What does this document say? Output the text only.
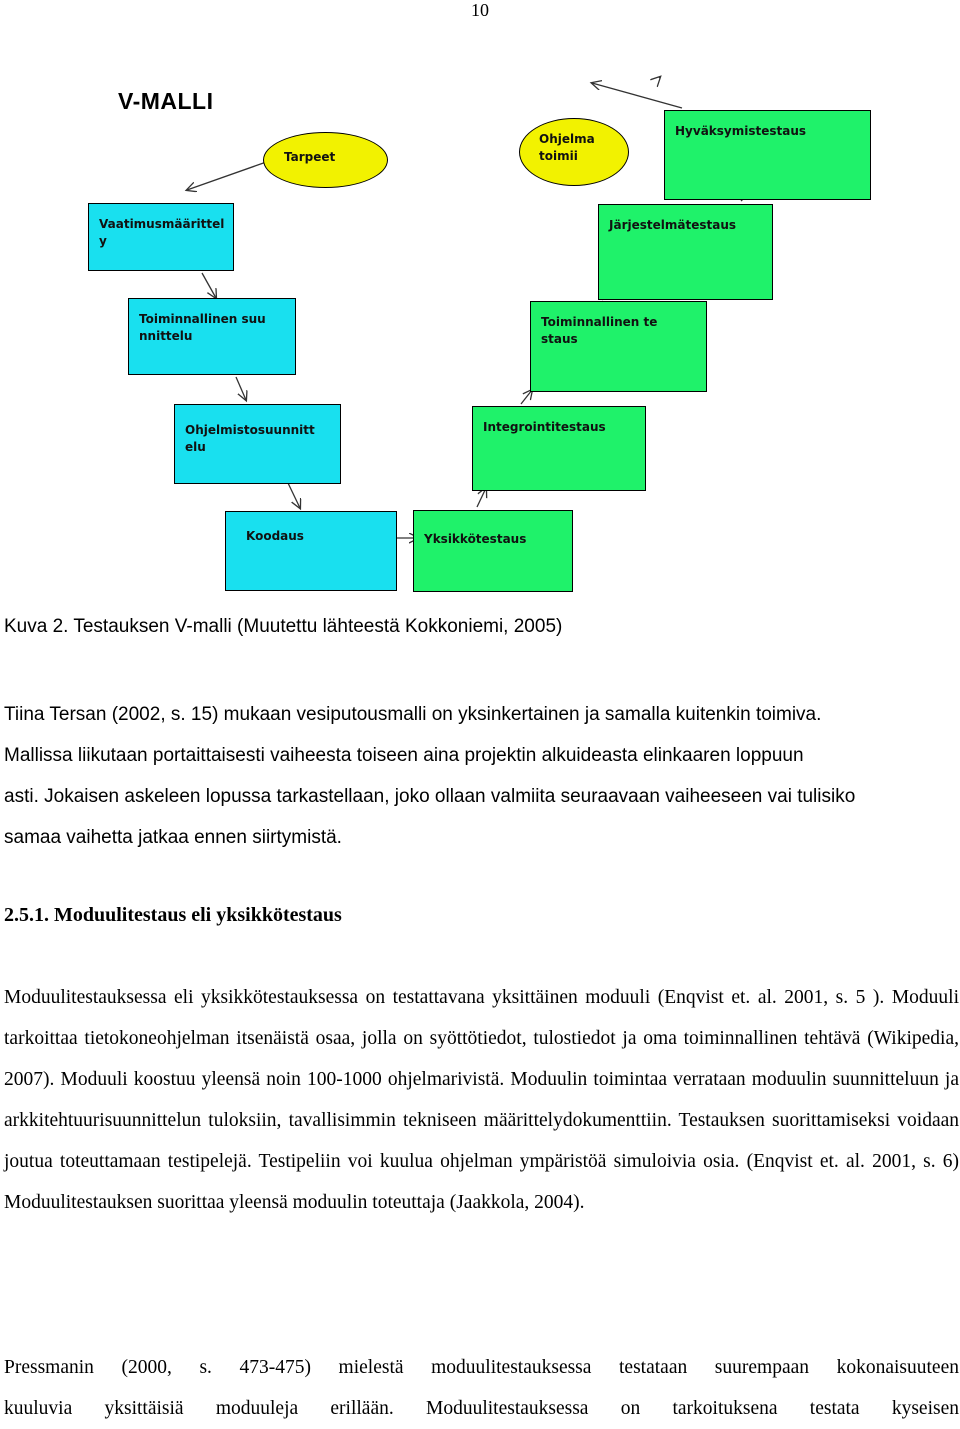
10
V-MALLI
Tarpeet
Ohjelma
toimii
Vaatimusmäärittely
Toiminnallinen suunnittelu
Ohjelmistosuunnittelu
Koodaus	Yksikkötestaus
Integrointitestaus
Toiminnallinen testaus
Järjestelmätestaus
Hyväksymistestaus
Kuva 2. Testauksen V-malli (Muutettu lähteestä Kokkoniemi, 2005)
Tiina Tersan (2002, s. 15) mukaan vesiputousmalli on yksinkertainen ja samalla kuitenkin toimiva.
Mallissa liikutaan portaittaisesti vaiheesta toiseen aina projektin alkuideasta elinkaaren loppuun
asti. Jokaisen askeleen lopussa tarkastellaan, joko ollaan valmiita seuraavaan vaiheeseen vai tulisiko
samaa vaihetta jatkaa ennen siirtymistä.
2.5.1. Moduulitestaus eli yksikkötestaus
Moduulitestauksessa eli yksikkötestauksessa on testattavana yksittäinen moduuli (Enqvist et. al. 2001, s. 5 ). Moduuli tarkoittaa tietokoneohjelman itsenäistä osaa, jolla on syöttötiedot, tulostiedot ja oma toiminnallinen tehtävä (Wikipedia, 2007). Moduuli koostuu yleensä noin 100-1000 ohjelmarivistä. Moduulin toimintaa verrataan moduulin suunnitteluun ja arkkitehtuurisuunnittelun tuloksiin, tavallisimmin tekniseen määrittelydokumenttiin. Testauksen suorittamiseksi voidaan joutua toteuttamaan testipelejä. Testipeliin voi kuulua ohjelman ympäristöä simuloivia osia. (Enqvist et. al. 2001, s. 6) Moduulitestauksen suorittaa yleensä moduulin toteuttaja (Jaakkola, 2004).
Pressmanin (2000, s. 473-475) mielestä moduulitestauksessa testataan suurempaan kokonaisuuteen
kuuluvia yksittäisiä moduuleja erillään. Moduulitestauksessa on tarkoituksena testata kyseisen
